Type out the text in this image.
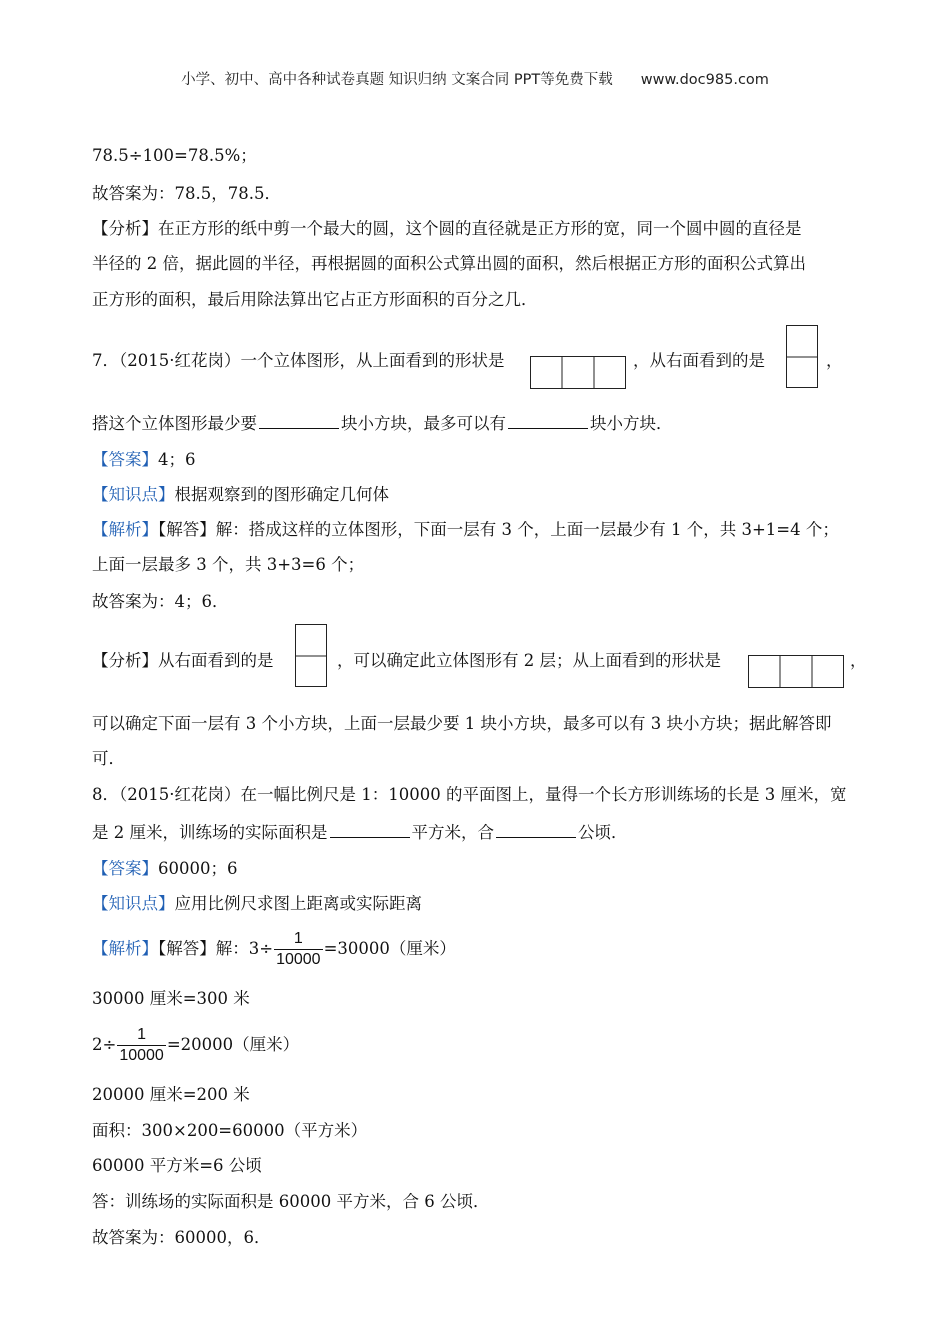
小学、初中、高中各种试卷真题 知识归纳 文案合同 PPT等免费下载 www.doc985.com
78.5÷100=78.5%；
故答案为：78.5，78.5．
【分析】在正方形的纸中剪一个最大的圆，这个圆的直径就是正方形的宽，同一个圆中圆的直径是
半径的 2 倍，据此圆的半径，再根据圆的面积公式算出圆的面积，然后根据正方形的面积公式算出
正方形的面积，最后用除法算出它占正方形面积的百分之几．
7．（2015·红花岗）一个立体图形，从上面看到的形状是	，从右面看到的是	，
搭这个立体图形最少要	块小方块，最多可以有	块小方块．
【答案】4；6
【知识点】根据观察到的图形确定几何体
【解析】【解答】解：搭成这样的立体图形，下面一层有 3 个，上面一层最少有 1 个，共 3+1=4 个；
上面一层最多 3 个，共 3+3=6 个；
故答案为：4；6．
【分析】从右面看到的是	，可以确定此立体图形有 2 层；从上面看到的形状是	，
可以确定下面一层有 3 个小方块，上面一层最少要 1 块小方块，最多可以有 3 块小方块；据此解答即
可．
8．（2015·红花岗）在一幅比例尺是 1：10000 的平面图上，量得一个长方形训练场的长是 3 厘米，宽
是 2 厘米，训练场的实际面积是	平方米，合	公顷．
【答案】60000；6
【知识点】应用比例尺求图上距离或实际距离
【解析】【解答】解：$3\div \frac{1}{10000} =30000$（厘米）
30000 厘米=300 米
$2\div \frac{1}{10000} =20000$（厘米）
20000 厘米=200 米
面积：300×200=60000（平方米）
60000 平方米=6 公顷
答：训练场的实际面积是 60000 平方米，合 6 公顷．
故答案为：60000，6．
